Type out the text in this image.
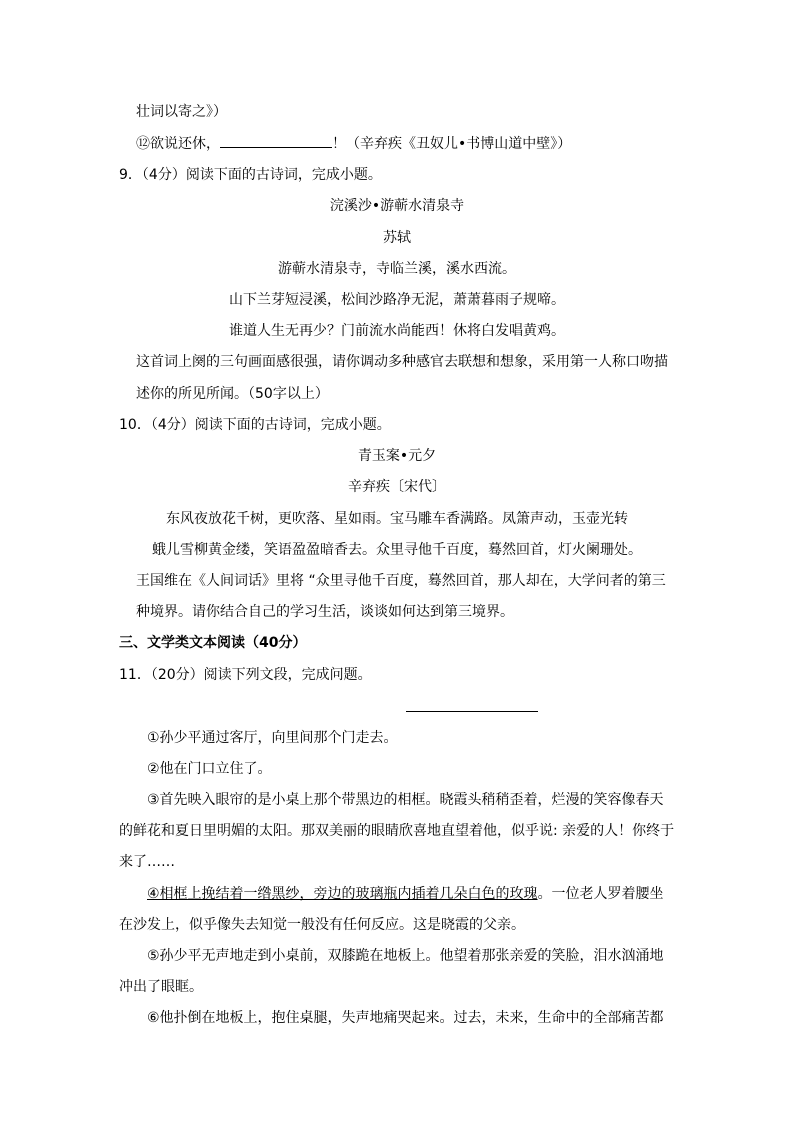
壮词以寄之》）
⑫欲说还休，	！（辛弃疾《丑奴儿•书博山道中壁》）
9．（4分）阅读下面的古诗词，完成小题。
浣溪沙•游蕲水清泉寺
苏轼
游蕲水清泉寺，寺临兰溪，溪水西流。
山下兰芽短浸溪，松间沙路净无泥，萧萧暮雨子规啼。
谁道人生无再少？门前流水尚能西！休将白发唱黄鸡。
这首词上阕的三句画面感很强，请你调动多种感官去联想和想象，采用第一人称口吻描
述你的所见所闻。（50字以上）
10．（4分）阅读下面的古诗词，完成小题。
青玉案•元夕
辛弃疾〔宋代〕
东风夜放花千树，更吹落、星如雨。宝马雕车香满路。凤箫声动，玉壶光转
蛾儿雪柳黄金缕，笑语盈盈暗香去。众里寻他千百度，蓦然回首，灯火阑珊处。
王国维在《人间词话》里将 “众里寻他千百度，蓦然回首，那人却在，大学问者的第三
种境界。请你结合自己的学习生活，谈谈如何达到第三境界。
三、文学类文本阅读（40分）
11．（20分）阅读下列文段，完成问题。
①孙少平通过客厅，向里间那个门走去。
②他在门口立住了。
③首先映入眼帘的是小桌上那个带黑边的相框。晓霞头稍稍歪着，烂漫的笑容像春天
的鲜花和夏日里明媚的太阳。那双美丽的眼睛欣喜地直望着他，似乎说: 亲爱的人！你终于
来了……
④相框上挽结着一绺黑纱，旁边的玻璃瓶内插着几朵白色的玫瑰。一位老人罗着腰坐
在沙发上，似乎像失去知觉一般没有任何反应。这是晓霞的父亲。
⑤孙少平无声地走到小桌前，双膝跪在地板上。他望着那张亲爱的笑脸，泪水汹涌地
冲出了眼眶。
⑥他扑倒在地板上，抱住桌腿，失声地痛哭起来。过去，未来，生命中的全部痛苦都
